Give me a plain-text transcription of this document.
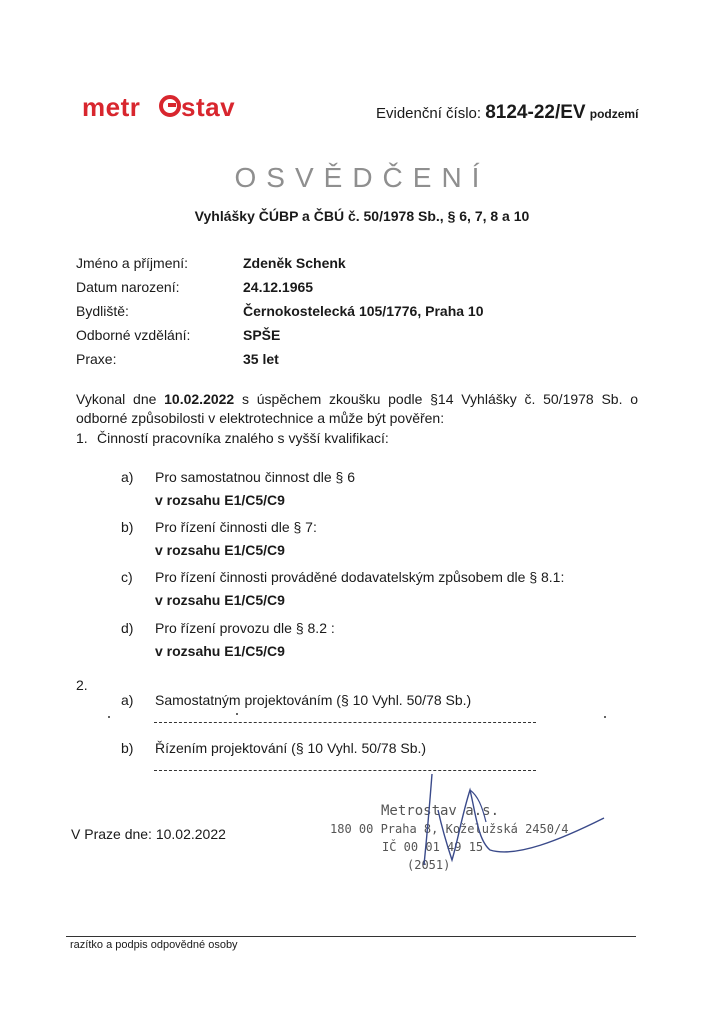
metr stav	Evidenční číslo: 8124-22/EV podzemí
OSVĚDČENÍ
Vyhlášky ČÚBP a ČBÚ č. 50/1978 Sb., § 6, 7, 8 a 10
Jméno a příjmení:	Zdeněk Schenk
Datum narození:	24.12.1965
Bydliště:	Černokostelecká 105/1776, Praha 10
Odborné vzdělání:	SPŠE
Praxe:	35 let
Vykonal dne 10.02.2022 s úspěchem zkoušku podle §14 Vyhlášky č. 50/1978 Sb. o odborné způsobilosti v elektrotechnice a může být pověřen:
1. Činností pracovníka znalého s vyšší kvalifikací:
a) Pro samostatnou činnost dle § 6
v rozsahu E1/C5/C9
b) Pro řízení činnosti dle § 7:
v rozsahu E1/C5/C9
c) Pro řízení činnosti prováděné dodavatelským způsobem dle § 8.1:
v rozsahu E1/C5/C9
d) Pro řízení provozu dle § 8.2 :
v rozsahu E1/C5/C9
2.
a) Samostatným projektováním (§ 10 Vyhl. 50/78 Sb.)
b) Řízením projektování (§ 10 Vyhl. 50/78 Sb.)
V Praze dne: 10.02.2022
Metrostav a.s.
180 00 Praha 8, Koželužská 2450/4
IČ 00 01 49 15
(2051)
razítko a podpis odpovědné osoby
